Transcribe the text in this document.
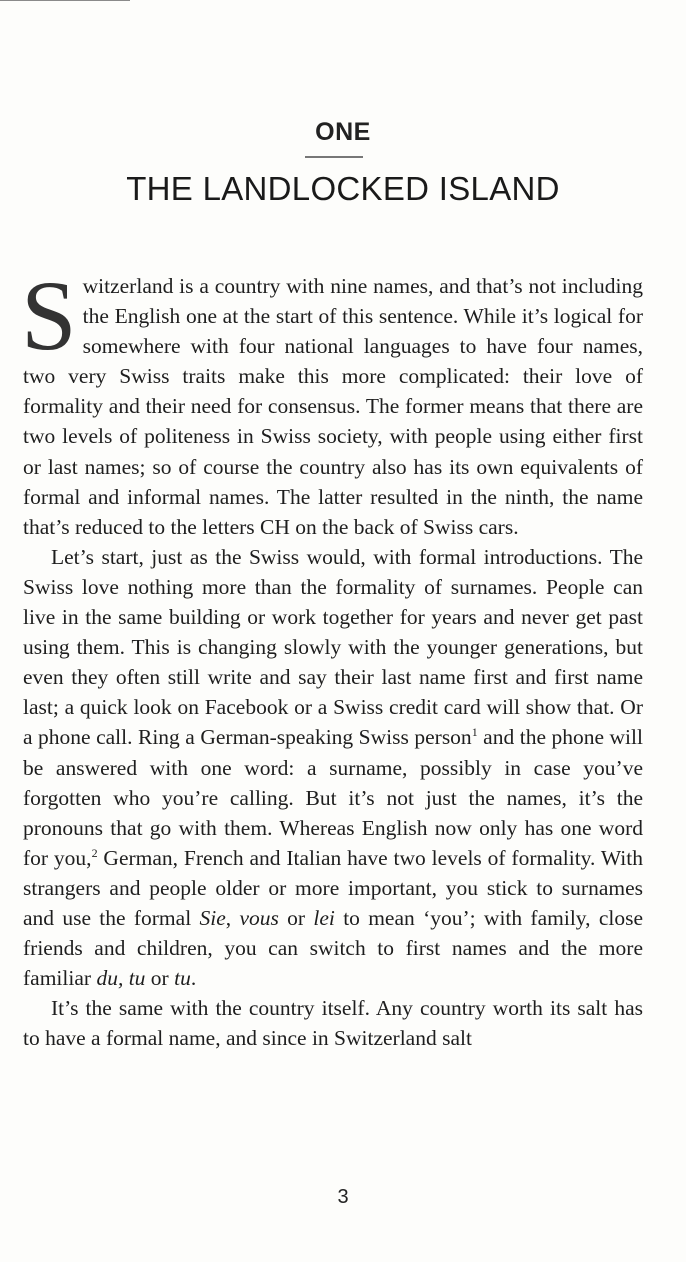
ONE
THE LANDLOCKED ISLAND

Switzerland is a country with nine names, and that’s not including the English one at the start of this sentence. While it’s logical for somewhere with four national languages to have four names, two very Swiss traits make this more complicated: their love of formality and their need for consensus. The former means that there are two levels of politeness in Swiss society, with people using either first or last names; so of course the country also has its own equivalents of formal and informal names. The latter resulted in the ninth, the name that’s reduced to the letters CH on the back of Swiss cars.

Let’s start, just as the Swiss would, with formal introductions. The Swiss love nothing more than the formality of surnames. People can live in the same building or work together for years and never get past using them. This is changing slowly with the younger generations, but even they often still write and say their last name first and first name last; a quick look on Facebook or a Swiss credit card will show that. Or a phone call. Ring a German-speaking Swiss person$^1$ and the phone will be answered with one word: a surname, possibly in case you’ve forgotten who you’re calling. But it’s not just the names, it’s the pronouns that go with them. Whereas English now only has one word for you,$^2$ German, French and Italian have two levels of formality. With strangers and people older or more important, you stick to surnames and use the formal Sie, vous or lei to mean ‘you’; with family, close friends and children, you can switch to first names and the more familiar du, tu or tu.

It’s the same with the country itself. Any country worth its salt has to have a formal name, and since in Switzerland salt

3
